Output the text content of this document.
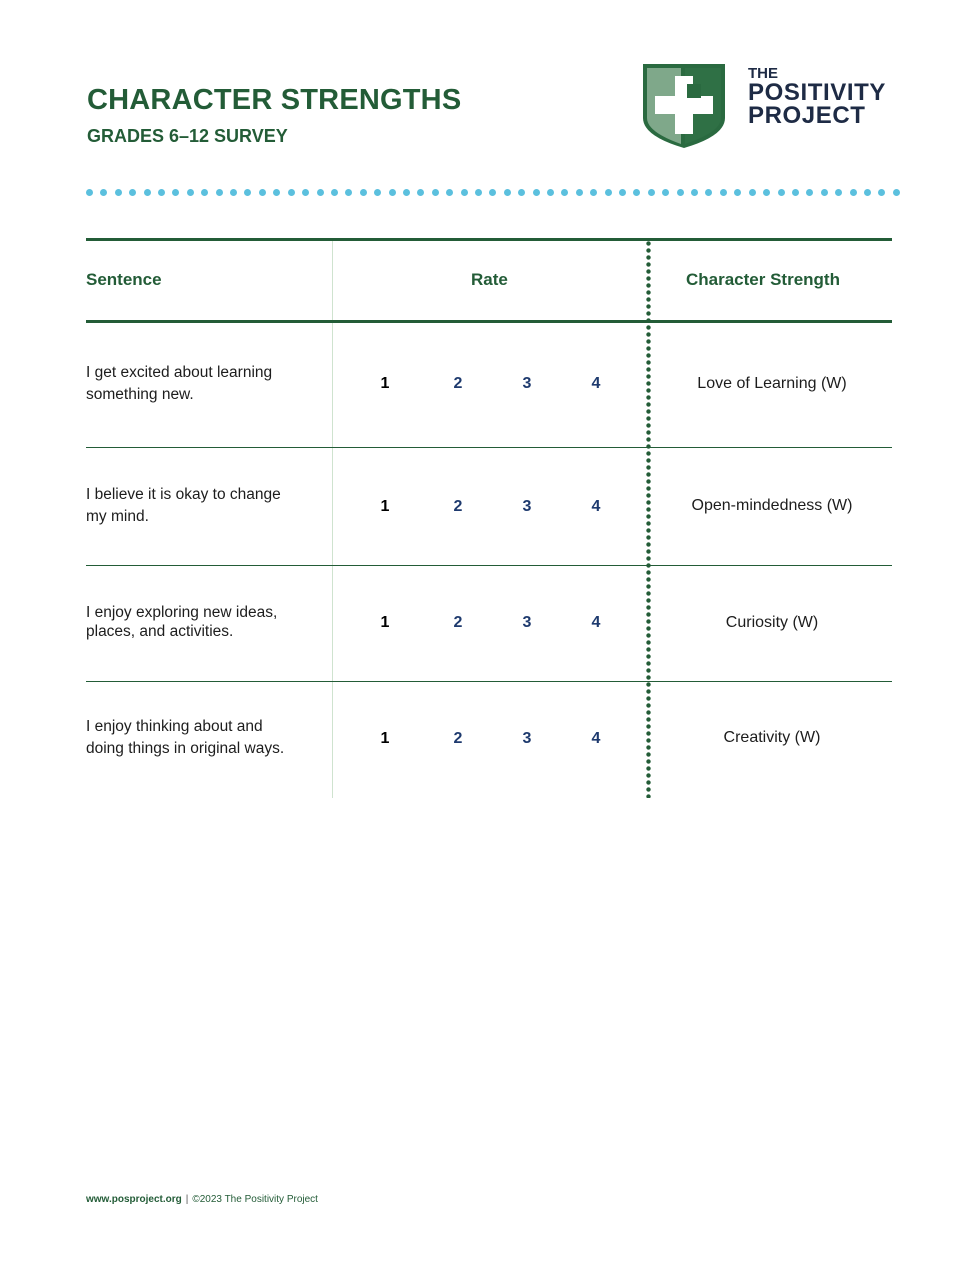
CHARACTER STRENGTHS
GRADES 6–12 SURVEY
THE
POSITIVITY
PROJECT
Sentence	Rate	Character Strength
I get excited about learning
something new.
1	2	3	4	Love of Learning (W)
I believe it is okay to change
my mind.
1	2	3	4	Open-mindedness (W)
I enjoy exploring new ideas,
places, and activities.
1	2	3	4	Curiosity (W)
I enjoy thinking about and
doing things in original ways.
1	2	3	4	Creativity (W)
www.posproject.org | ©2023 The Positivity Project
